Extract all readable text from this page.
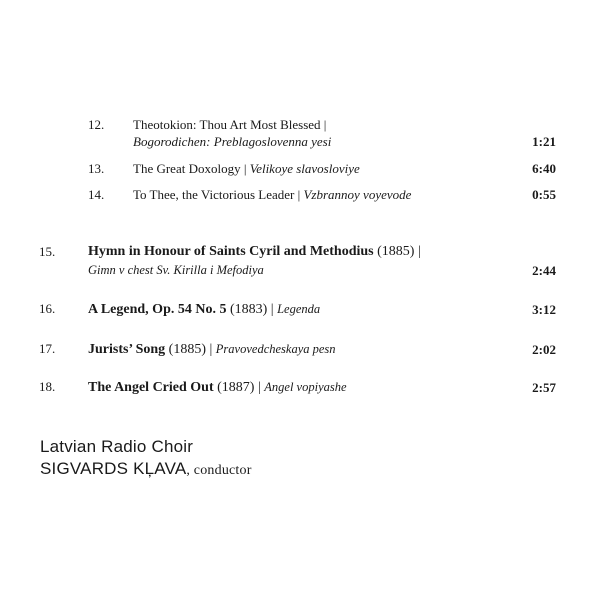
12. Theotokion: Thou Art Most Blessed |
Bogorodichen: Preblagoslovenna yesi	1:21
13. The Great Doxology | Velikoye slavosloviye	6:40
14. To Thee, the Victorious Leader | Vzbrannoy voyevode	0:55
15. Hymn in Honour of Saints Cyril and Methodius (1885) |
Gimn v chest Sv. Kirilla i Mefodiya	2:44
16. A Legend, Op. 54 No. 5 (1883) | Legenda	3:12
17. Jurists’ Song (1885) | Pravovedcheskaya pesn	2:02
18. The Angel Cried Out (1887) | Angel vopiyashe	2:57
Latvian Radio Choir
SIGVARDS KĻAVA, conductor
